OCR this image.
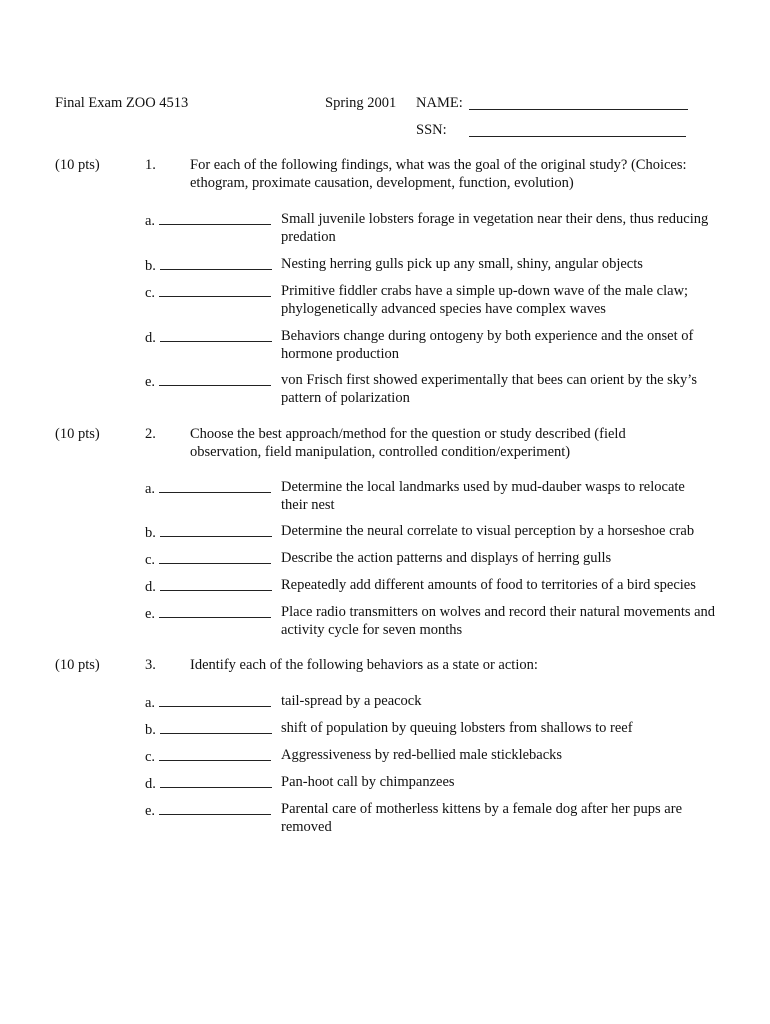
Final Exam ZOO 4513	Spring 2001 NAME:
SSN:
(10 pts)	1. For each of the following findings, what was the goal of the original study? (Choices: ethogram, proximate causation, development, function, evolution)
a.	Small juvenile lobsters forage in vegetation near their dens, thus reducing predation
b.	Nesting herring gulls pick up any small, shiny, angular objects
c.	Primitive fiddler crabs have a simple up-down wave of the male claw; phylogenetically advanced species have complex waves
d.	Behaviors change during ontogeny by both experience and the onset of hormone production
e.	von Frisch first showed experimentally that bees can orient by the sky’s pattern of polarization
(10 pts)	2. Choose the best approach/method for the question or study described (field observation, field manipulation, controlled condition/experiment)
a.	Determine the local landmarks used by mud-dauber wasps to relocate their nest
b.	Determine the neural correlate to visual perception by a horseshoe crab
c.	Describe the action patterns and displays of herring gulls
d.	Repeatedly add different amounts of food to territories of a bird species
e.	Place radio transmitters on wolves and record their natural movements and activity cycle for seven months
(10 pts)	3. Identify each of the following behaviors as a state or action:
a.	tail-spread by a peacock
b.	shift of population by queuing lobsters from shallows to reef
c.	Aggressiveness by red-bellied male sticklebacks
d.	Pan-hoot call by chimpanzees
e.	Parental care of motherless kittens by a female dog after her pups are removed
